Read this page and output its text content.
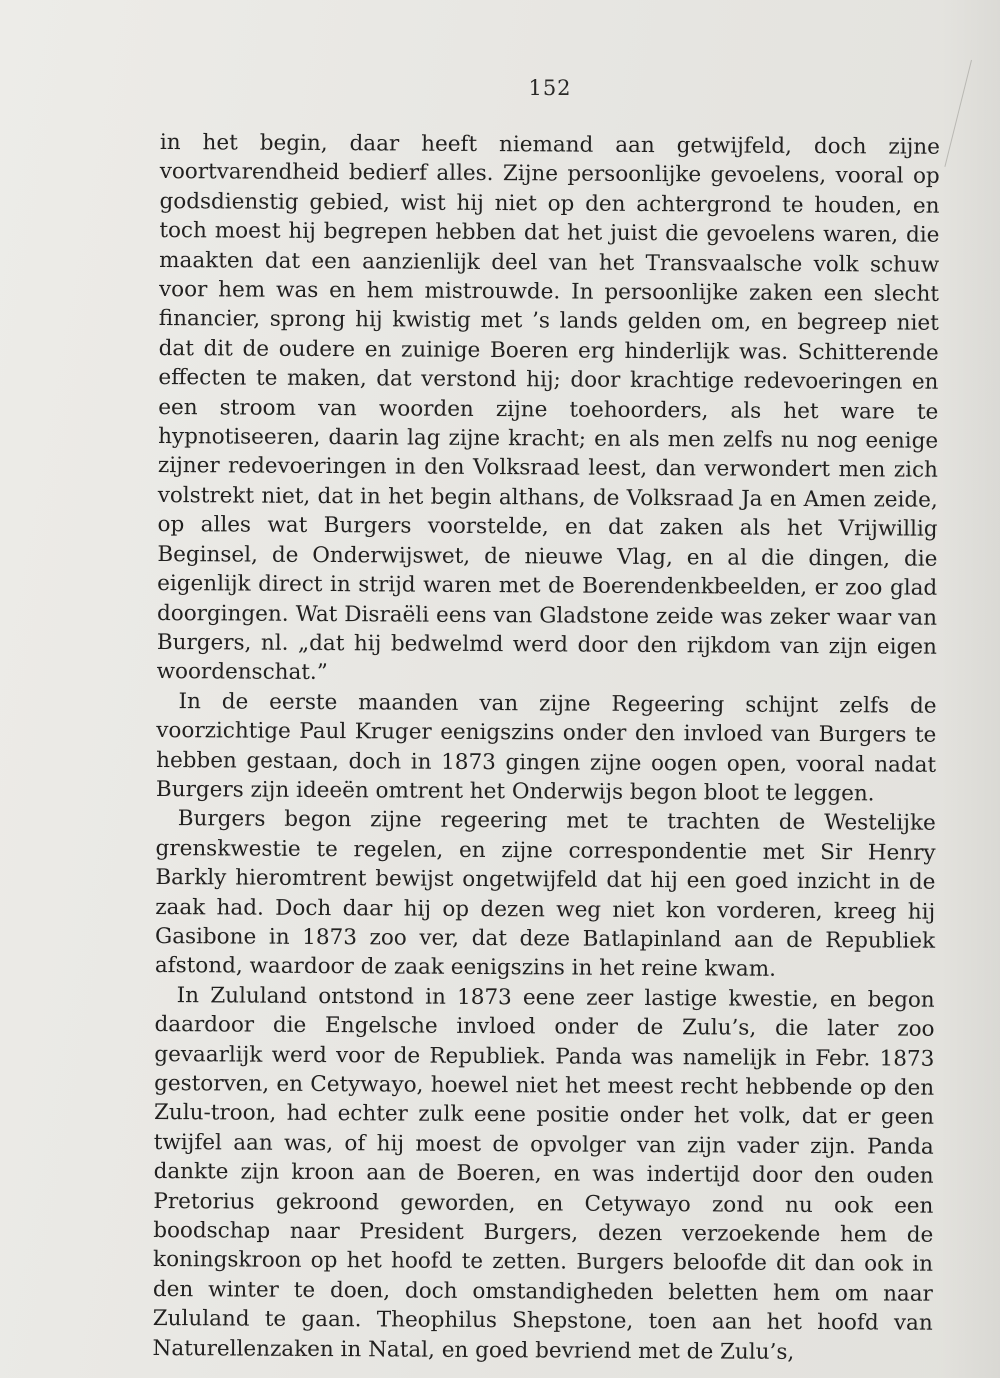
152

in het begin, daar heeft niemand aan getwijfeld, doch zijne voortvarendheid bedierf alles. Zijne persoonlijke gevoelens, vooral op godsdienstig gebied, wist hij niet op den achtergrond te houden, en toch moest hij begrepen hebben dat het juist die gevoelens waren, die maakten dat een aanzienlijk deel van het Transvaalsche volk schuw voor hem was en hem mistrouwde. In persoonlijke zaken een slecht financier, sprong hij kwistig met ’s lands gelden om, en begreep niet dat dit de oudere en zuinige Boeren erg hinderlijk was. Schitterende effecten te maken, dat verstond hij; door krachtige redevoeringen en een stroom van woorden zijne toehoorders, als het ware te hypnotiseeren, daarin lag zijne kracht; en als men zelfs nu nog eenige zijner redevoeringen in den Volksraad leest, dan verwondert men zich volstrekt niet, dat in het begin althans, de Volksraad Ja en Amen zeide, op alles wat Burgers voorstelde, en dat zaken als het Vrijwillig Beginsel, de Onderwijswet, de nieuwe Vlag, en al die dingen, die eigenlijk direct in strijd waren met de Boerendenkbeelden, er zoo glad doorgingen. Wat Disraëli eens van Gladstone zeide was zeker waar van Burgers, nl. „dat hij bedwelmd werd door den rijkdom van zijn eigen woordenschat.”

In de eerste maanden van zijne Regeering schijnt zelfs de voorzichtige Paul Kruger eenigszins onder den invloed van Burgers te hebben gestaan, doch in 1873 gingen zijne oogen open, vooral nadat Burgers zijn ideeën omtrent het Onderwijs begon bloot te leggen.

Burgers begon zijne regeering met te trachten de Westelijke grenskwestie te regelen, en zijne correspondentie met Sir Henry Barkly hieromtrent bewijst ongetwijfeld dat hij een goed inzicht in de zaak had. Doch daar hij op dezen weg niet kon vorderen, kreeg hij Gasibone in 1873 zoo ver, dat deze Batlapinland aan de Republiek afstond, waardoor de zaak eenigszins in het reine kwam.

In Zululand ontstond in 1873 eene zeer lastige kwestie, en begon daardoor die Engelsche invloed onder de Zulu’s, die later zoo gevaarlijk werd voor de Republiek. Panda was namelijk in Febr. 1873 gestorven, en Cetywayo, hoewel niet het meest recht hebbende op den Zulu-troon, had echter zulk eene positie onder het volk, dat er geen twijfel aan was, of hij moest de opvolger van zijn vader zijn. Panda dankte zijn kroon aan de Boeren, en was indertijd door den ouden Pretorius gekroond geworden, en Cetywayo zond nu ook een boodschap naar President Burgers, dezen verzoekende hem de koningskroon op het hoofd te zetten. Burgers beloofde dit dan ook in den winter te doen, doch omstandigheden beletten hem om naar Zululand te gaan. Theophilus Shepstone, toen aan het hoofd van Naturellenzaken in Natal, en goed bevriend met de Zulu’s,
